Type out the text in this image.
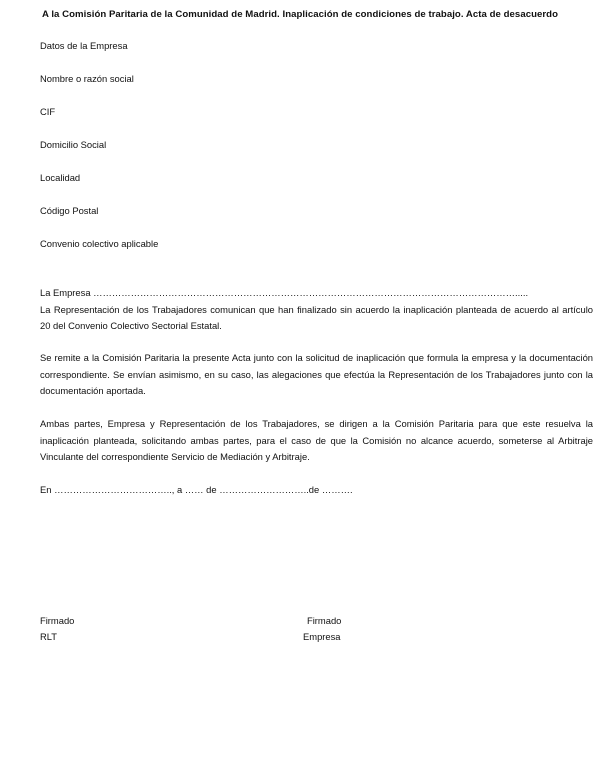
A la Comisión Paritaria de la Comunidad de Madrid. Inaplicación de condiciones de trabajo. Acta de desacuerdo
Datos de la Empresa
Nombre o razón social
CIF
Domicilio Social
Localidad
Código Postal
Convenio colectivo aplicable
La Empresa ……………………………………………………………………………………………………………………….....
La Representación de los Trabajadores comunican que han finalizado sin acuerdo la inaplicación planteada de acuerdo al artículo
20 del Convenio Colectivo Sectorial Estatal.
Se remite a la Comisión Paritaria la presente Acta junto con la solicitud de inaplicación que formula la empresa y la documentación
correspondiente. Se envían asimismo, en su caso, las alegaciones que efectúa la Representación de los Trabajadores junto con la
documentación aportada.
Ambas partes, Empresa y Representación de los Trabajadores, se dirigen a la Comisión Paritaria para que este resuelva la
inaplicación planteada, solicitando ambas partes, para el caso de que la Comisión no alcance acuerdo, someterse al Arbitraje
Vinculante del correspondiente Servicio de Mediación y Arbitraje.
En ……………………………….., a …… de ………………………..de ……….
Firmado
RLT
Firmado
Empresa
